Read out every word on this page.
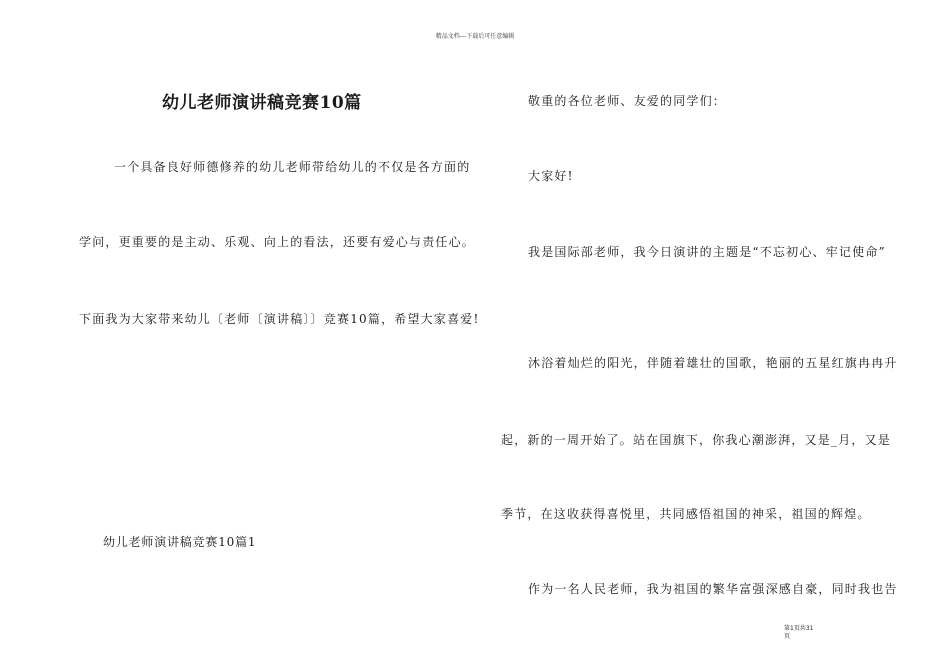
精品文档---下载后可任意编辑
幼儿老师演讲稿竞赛10篇
一个具备良好师德修养的幼儿老师带给幼儿的不仅是各方面的
学问，更重要的是主动、乐观、向上的看法，还要有爱心与责任心。
下面我为大家带来幼儿〔老师〔演讲稿〕〕竞赛10篇，希望大家喜爱!
幼儿老师演讲稿竞赛10篇1
敬重的各位老师、友爱的同学们：
大家好!
我是国际部老师，我今日演讲的主题是“不忘初心、牢记使命”
沐浴着灿烂的阳光，伴随着雄壮的国歌，艳丽的五星红旗冉冉升
起，新的一周开始了。站在国旗下，你我心潮澎湃，又是_月，又是
季节，在这收获得喜悦里，共同感悟祖国的神采，祖国的辉煌。
作为一名人民老师，我为祖国的繁华富强深感自豪，同时我也告
第1页共31
页
